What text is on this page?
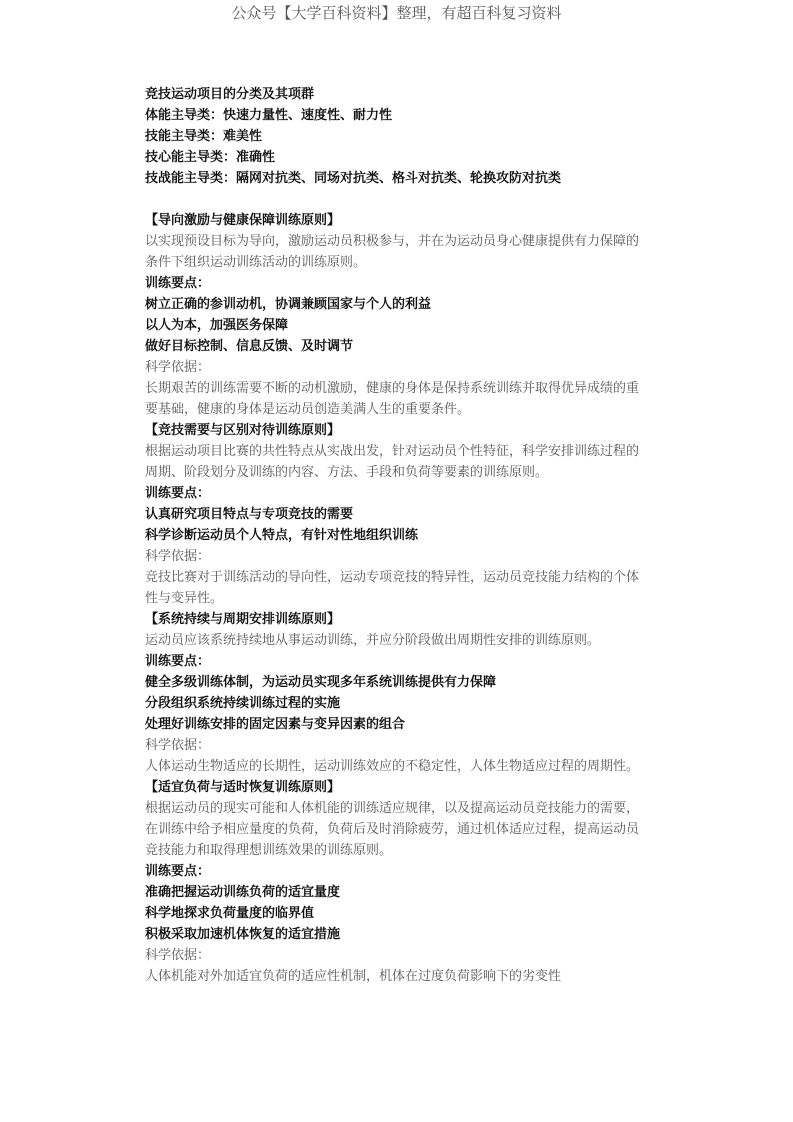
公众号【大学百科资料】整理，有超百科复习资料
竞技运动项目的分类及其项群
体能主导类：快速力量性、速度性、耐力性
技能主导类：难美性
技心能主导类：准确性
技战能主导类：隔网对抗类、同场对抗类、格斗对抗类、轮换攻防对抗类
【导向激励与健康保障训练原则】
以实现预设目标为导向，激励运动员积极参与，并在为运动员身心健康提供有力保障的
条件下组织运动训练活动的训练原则。
训练要点：
树立正确的参训动机，协调兼顾国家与个人的利益
以人为本，加强医务保障
做好目标控制、信息反馈、及时调节
科学依据：
长期艰苦的训练需要不断的动机激励，健康的身体是保持系统训练并取得优异成绩的重
要基础，健康的身体是运动员创造美满人生的重要条件。
【竞技需要与区别对待训练原则】
根据运动项目比赛的共性特点从实战出发，针对运动员个性特征，科学安排训练过程的
周期、阶段划分及训练的内容、方法、手段和负荷等要素的训练原则。
训练要点：
认真研究项目特点与专项竞技的需要
科学诊断运动员个人特点，有针对性地组织训练
科学依据：
竞技比赛对于训练活动的导向性，运动专项竞技的特异性，运动员竞技能力结构的个体
性与变异性。
【系统持续与周期安排训练原则】
运动员应该系统持续地从事运动训练，并应分阶段做出周期性安排的训练原则。
训练要点：
健全多级训练体制，为运动员实现多年系统训练提供有力保障
分段组织系统持续训练过程的实施
处理好训练安排的固定因素与变异因素的组合
科学依据：
人体运动生物适应的长期性，运动训练效应的不稳定性，人体生物适应过程的周期性。
【适宜负荷与适时恢复训练原则】
根据运动员的现实可能和人体机能的训练适应规律，以及提高运动员竞技能力的需要，
在训练中给予相应量度的负荷，负荷后及时消除疲劳，通过机体适应过程，提高运动员
竞技能力和取得理想训练效果的训练原则。
训练要点：
准确把握运动训练负荷的适宜量度
科学地探求负荷量度的临界值
积极采取加速机体恢复的适宜措施
科学依据：
人体机能对外加适宜负荷的适应性机制，机体在过度负荷影响下的劣变性
